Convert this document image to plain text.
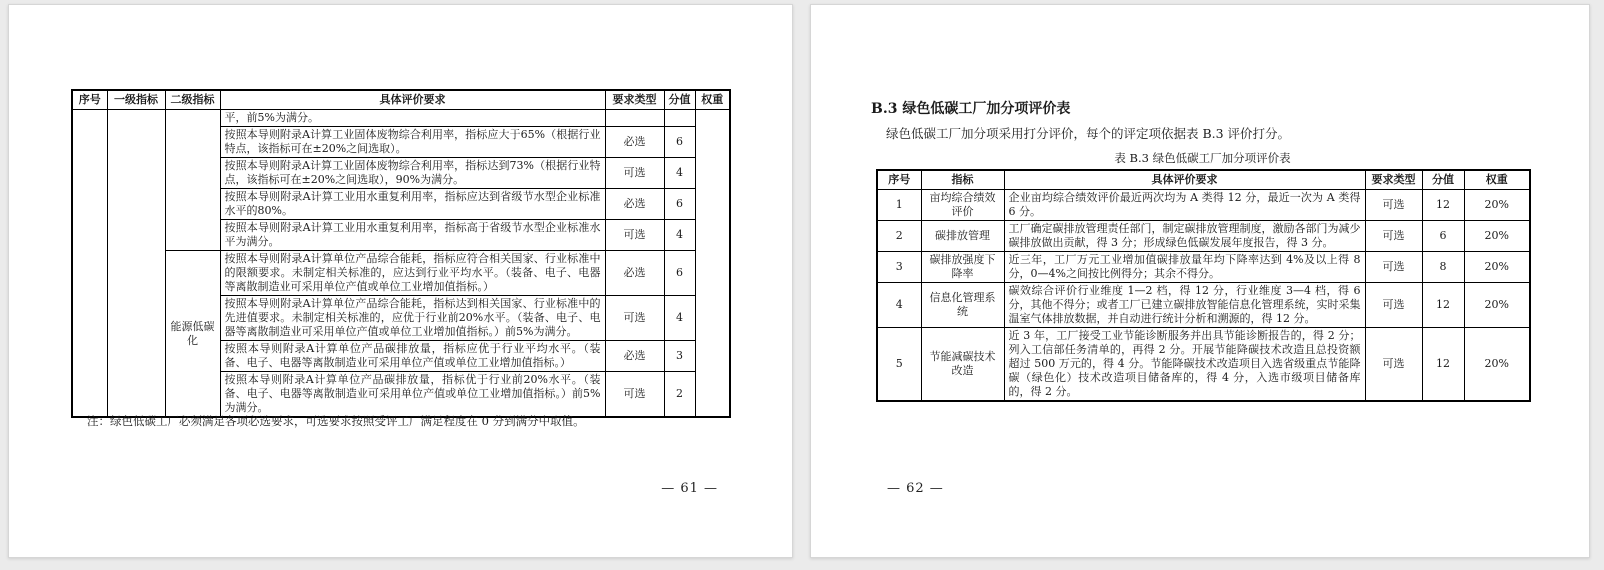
序号	一级指标	二级指标	具体评价要求	要求类型	分值	权重
			平，前5%为满分。			
			按照本导则附录A计算工业固体废物综合利用率，指标应大于65%（根据行业特点，该指标可在±20%之间选取）。	必选	6	
			按照本导则附录A计算工业固体废物综合利用率，指标达到73%（根据行业特点，该指标可在±20%之间选取），90%为满分。	可选	4	
			按照本导则附录A计算工业用水重复利用率，指标应达到省级节水型企业标准水平的80%。	必选	6	
			按照本导则附录A计算工业用水重复利用率，指标高于省级节水型企业标准水平为满分。	可选	4	
		能源低碳化	按照本导则附录A计算单位产品综合能耗，指标应符合相关国家、行业标准中的限额要求。未制定相关标准的，应达到行业平均水平。（装备、电子、电器等离散制造业可采用单位产值或单位工业增加值指标。）	必选	6	
			按照本导则附录A计算单位产品综合能耗，指标达到相关国家、行业标准中的先进值要求。未制定相关标准的，应优于行业前20%水平。（装备、电子、电器等离散制造业可采用单位产值或单位工业增加值指标。）前5%为满分。	可选	4	
			按照本导则附录A计算单位产品碳排放量，指标应优于行业平均水平。（装备、电子、电器等离散制造业可采用单位产值或单位工业增加值指标。）	必选	3	
			按照本导则附录A计算单位产品碳排放量，指标优于行业前20%水平。（装备、电子、电器等离散制造业可采用单位产值或单位工业增加值指标。）前5%为满分。	可选	2	
注：绿色低碳工厂必须满足各项必选要求，可选要求按照受评工厂满足程度在 0 分到满分中取值。
— 61 —
B.3 绿色低碳工厂加分项评价表
绿色低碳工厂加分项采用打分评价，每个的评定项依据表 B.3 评价打分。
表 B.3 绿色低碳工厂加分项评价表
序号	指标	具体评价要求	要求类型	分值	权重
1	亩均综合绩效评价	企业亩均综合绩效评价最近两次均为 A 类得 12 分，最近一次为 A 类得 6 分。	可选	12	20%
2	碳排放管理	工厂确定碳排放管理责任部门，制定碳排放管理制度，激励各部门为减少碳排放做出贡献，得 3 分；形成绿色低碳发展年度报告，得 3 分。	可选	6	20%
3	碳排放强度下降率	近三年，工厂万元工业增加值碳排放量年均下降率达到 4%及以上得 8 分，0—4%之间按比例得分；其余不得分。	可选	8	20%
4	信息化管理系统	碳效综合评价行业维度 1—2 档，得 12 分，行业维度 3—4 档，得 6 分，其他不得分；或者工厂已建立碳排放智能信息化管理系统，实时采集温室气体排放数据，并自动进行统计分析和溯源的，得 12 分。	可选	12	20%
5	节能减碳技术改造	近 3 年，工厂接受工业节能诊断服务并出具节能诊断报告的，得 2 分；列入工信部任务清单的，再得 2 分。开展节能降碳技术改造且总投资额超过 500 万元的，得 4 分。节能降碳技术改造项目入选省级重点节能降碳（绿色化）技术改造项目储备库的，得 4 分，入选市级项目储备库的，得 2 分。	可选	12	20%
— 62 —
